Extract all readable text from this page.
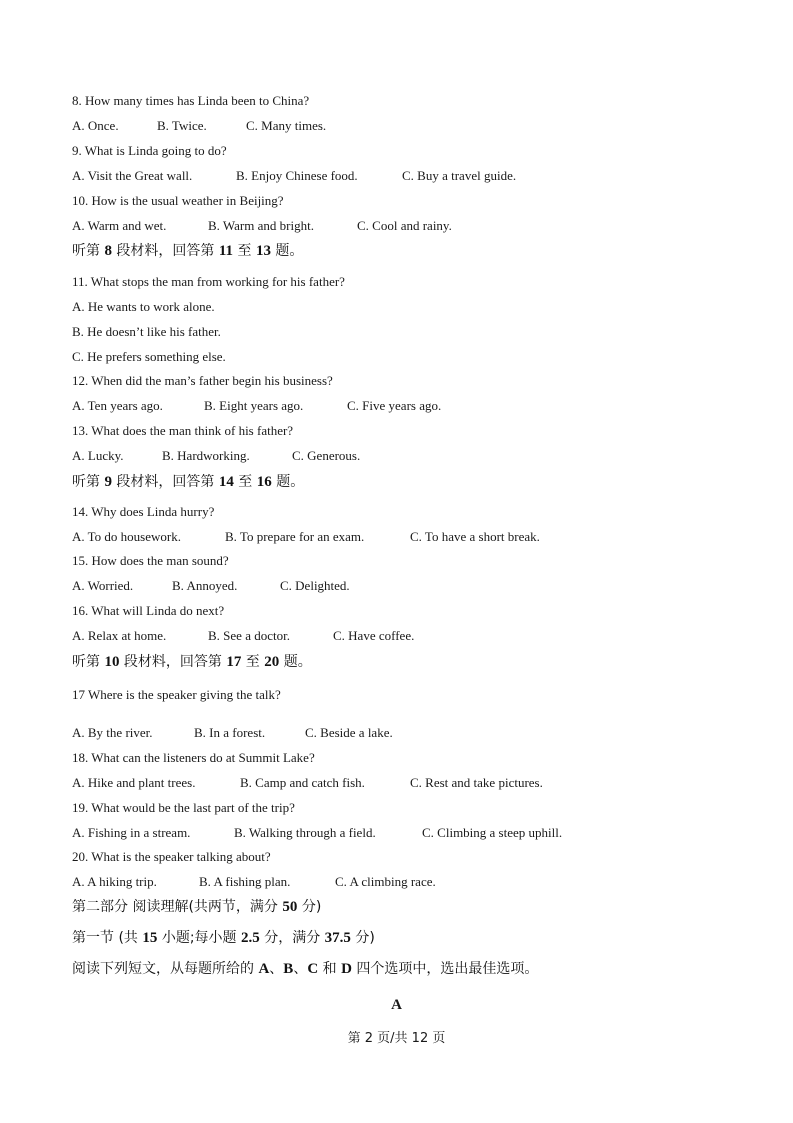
8. How many times has Linda been to China?
A. Once.	B. Twice.	C. Many times.
9. What is Linda going to do?
A. Visit the Great wall.	B. Enjoy Chinese food.	C. Buy a travel guide.
10. How is the usual weather in Beijing?
A. Warm and wet.	B. Warm and bright.	C. Cool and rainy.
听第 8 段材料，回答第 11 至 13 题。
11. What stops the man from working for his father?
A. He wants to work alone.
B. He doesn’t like his father.
C. He prefers something else.
12. When did the man’s father begin his business?
A. Ten years ago.	B. Eight years ago.	C. Five years ago.
13. What does the man think of his father?
A. Lucky.	B. Hardworking.	C. Generous.
听第 9 段材料，回答第 14 至 16 题。
14. Why does Linda hurry?
A. To do housework.	B. To prepare for an exam.	C. To have a short break.
15. How does the man sound?
A. Worried.	B. Annoyed.	C. Delighted.
16. What will Linda do next?
A. Relax at home.	B. See a doctor.	C. Have coffee.
听第 10 段材料，回答第 17 至 20 题。
17 Where is the speaker giving the talk?
A. By the river.	B. In a forest.	C. Beside a lake.
18. What can the listeners do at Summit Lake?
A. Hike and plant trees.	B. Camp and catch fish.	C. Rest and take pictures.
19. What would be the last part of the trip?
A. Fishing in a stream.	B. Walking through a field.	C. Climbing a steep uphill.
20. What is the speaker talking about?
A. A hiking trip.	B. A fishing plan.	C. A climbing race.
第二部分 阅读理解(共两节，满分 50 分)
第一节 (共 15 小题;每小题 2.5 分，满分 37.5 分)
阅读下列短文，从每题所给的 A、B、C 和 D 四个选项中，选出最佳选项。
A
第 2 页/共 12 页
